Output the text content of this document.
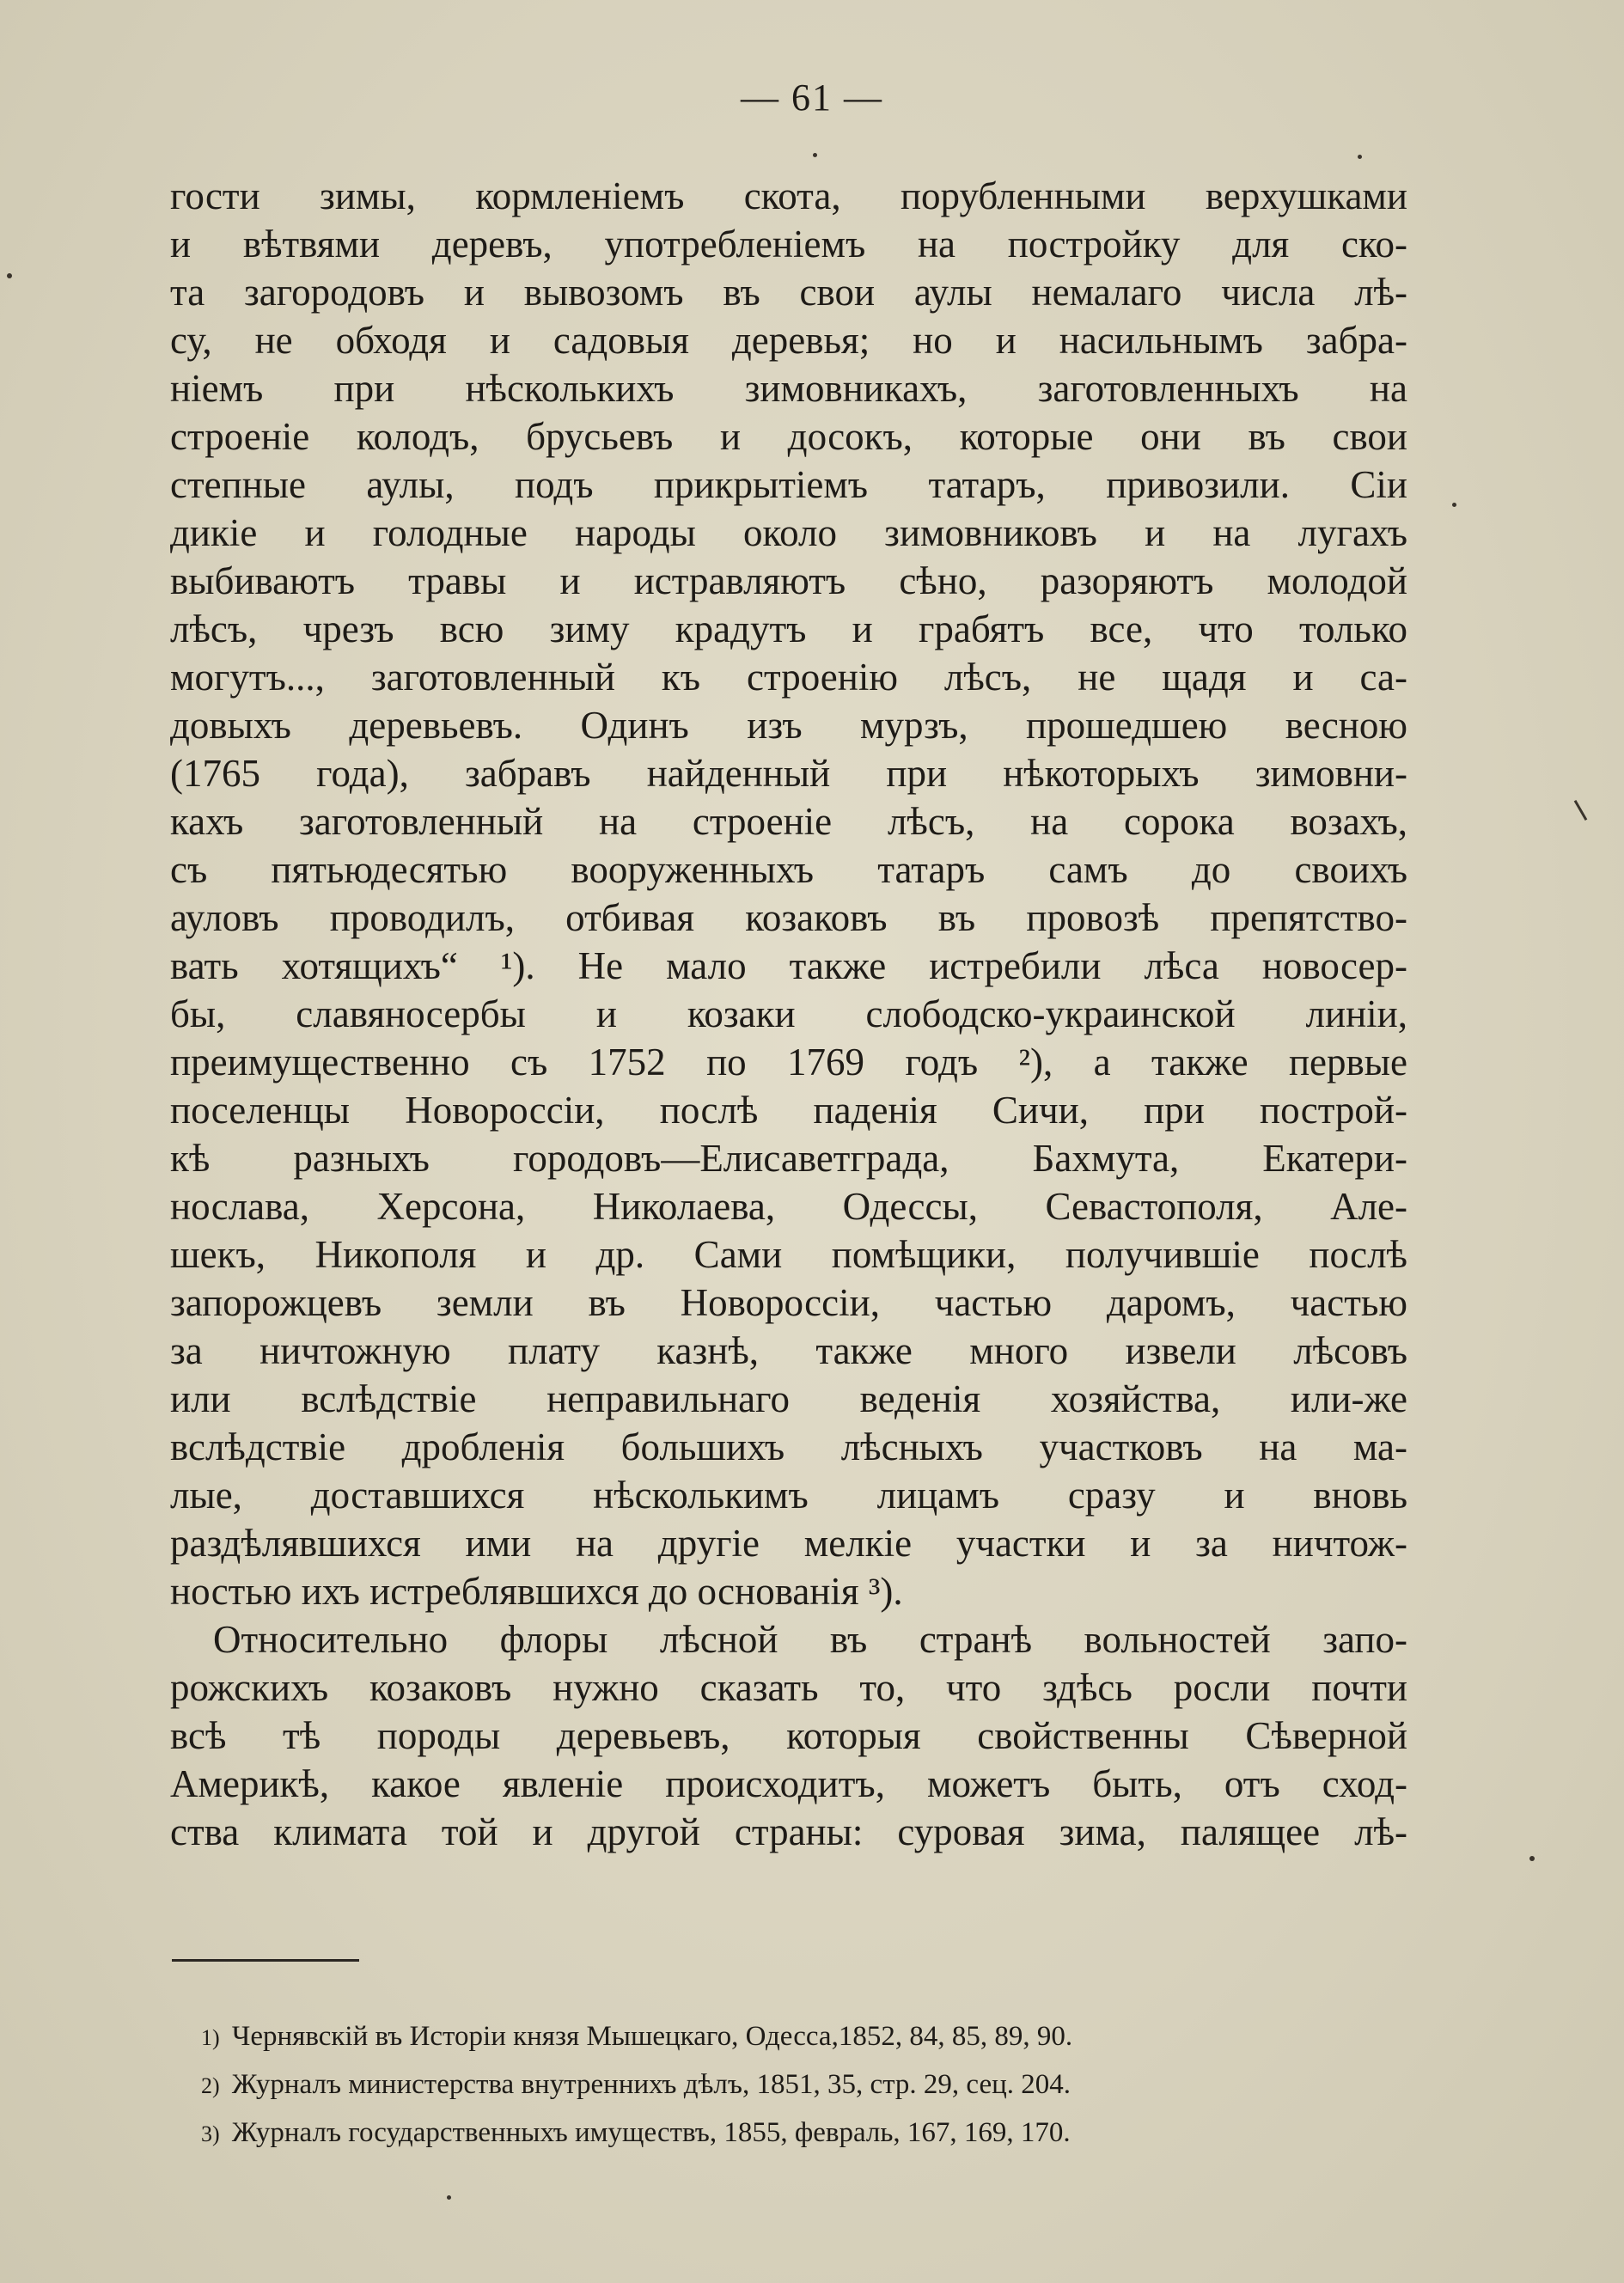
— 61 —
гости зимы, кормленіемъ скота, порубленными верхушками
и вѣтвями деревъ, употребленіемъ на постройку для ско-
та загородовъ и вывозомъ въ свои аулы немалаго числа лѣ-
су, не обходя и садовыя деревья; но и насильнымъ забра-
ніемъ при нѣсколькихъ зимовникахъ, заготовленныхъ на
строеніе колодъ, брусьевъ и досокъ, которые они въ свои
степные аулы, подъ прикрытіемъ татаръ, привозили. Сіи
дикіе и голодные народы около зимовниковъ и на лугахъ
выбиваютъ травы и истравляютъ сѣно, разоряютъ молодой
лѣсъ, чрезъ всю зиму крадутъ и грабятъ все, что только
могутъ..., заготовленный къ строенію лѣсъ, не щадя и са-
довыхъ деревьевъ. Одинъ изъ мурзъ, прошедшею весною
(1765 года), забравъ найденный при нѣкоторыхъ зимовни-
кахъ заготовленный на строеніе лѣсъ, на сорока возахъ,
съ пятьюдесятью вооруженныхъ татаръ самъ до своихъ
ауловъ проводилъ, отбивая козаковъ въ провозѣ препятство-
вать хотящихъ“ ¹). Не мало также истребили лѣса новосер-
бы, славяносербы и козаки слободско-украинской линіи,
преимущественно съ 1752 по 1769 годъ ²), а также первые
поселенцы Новороссіи, послѣ паденія Сичи, при построй-
кѣ разныхъ городовъ—Елисаветграда, Бахмута, Екатери-
нослава, Херсона, Николаева, Одессы, Севастополя, Але-
шекъ, Никополя и др. Сами помѣщики, получившіе послѣ
запорожцевъ земли въ Новороссіи, частью даромъ, частью
за ничтожную плату казнѣ, также много извели лѣсовъ
или вслѣдствіе неправильнаго веденія хозяйства, или-же
вслѣдствіе дробленія большихъ лѣсныхъ участковъ на ма-
лые, доставшихся нѣсколькимъ лицамъ сразу и вновь
раздѣлявшихся ими на другіе мелкіе участки и за ничтож-
ностью ихъ истреблявшихся до основанія ³).
Относительно флоры лѣсной въ странѣ вольностей запо-
рожскихъ козаковъ нужно сказать то, что здѣсь росли почти
всѣ тѣ породы деревьевъ, которыя свойственны Сѣверной
Америкѣ, какое явленіе происходитъ, можетъ быть, отъ сход-
ства климата той и другой страны: суровая зима, палящее лѣ-
1) Чернявскій въ Исторіи князя Мышецкаго, Одесса,1852, 84, 85, 89, 90.
2) Журналъ министерства внутреннихъ дѣлъ, 1851, 35, стр. 29, сец. 204.
3) Журналъ государственныхъ имуществъ, 1855, февраль, 167, 169, 170.
